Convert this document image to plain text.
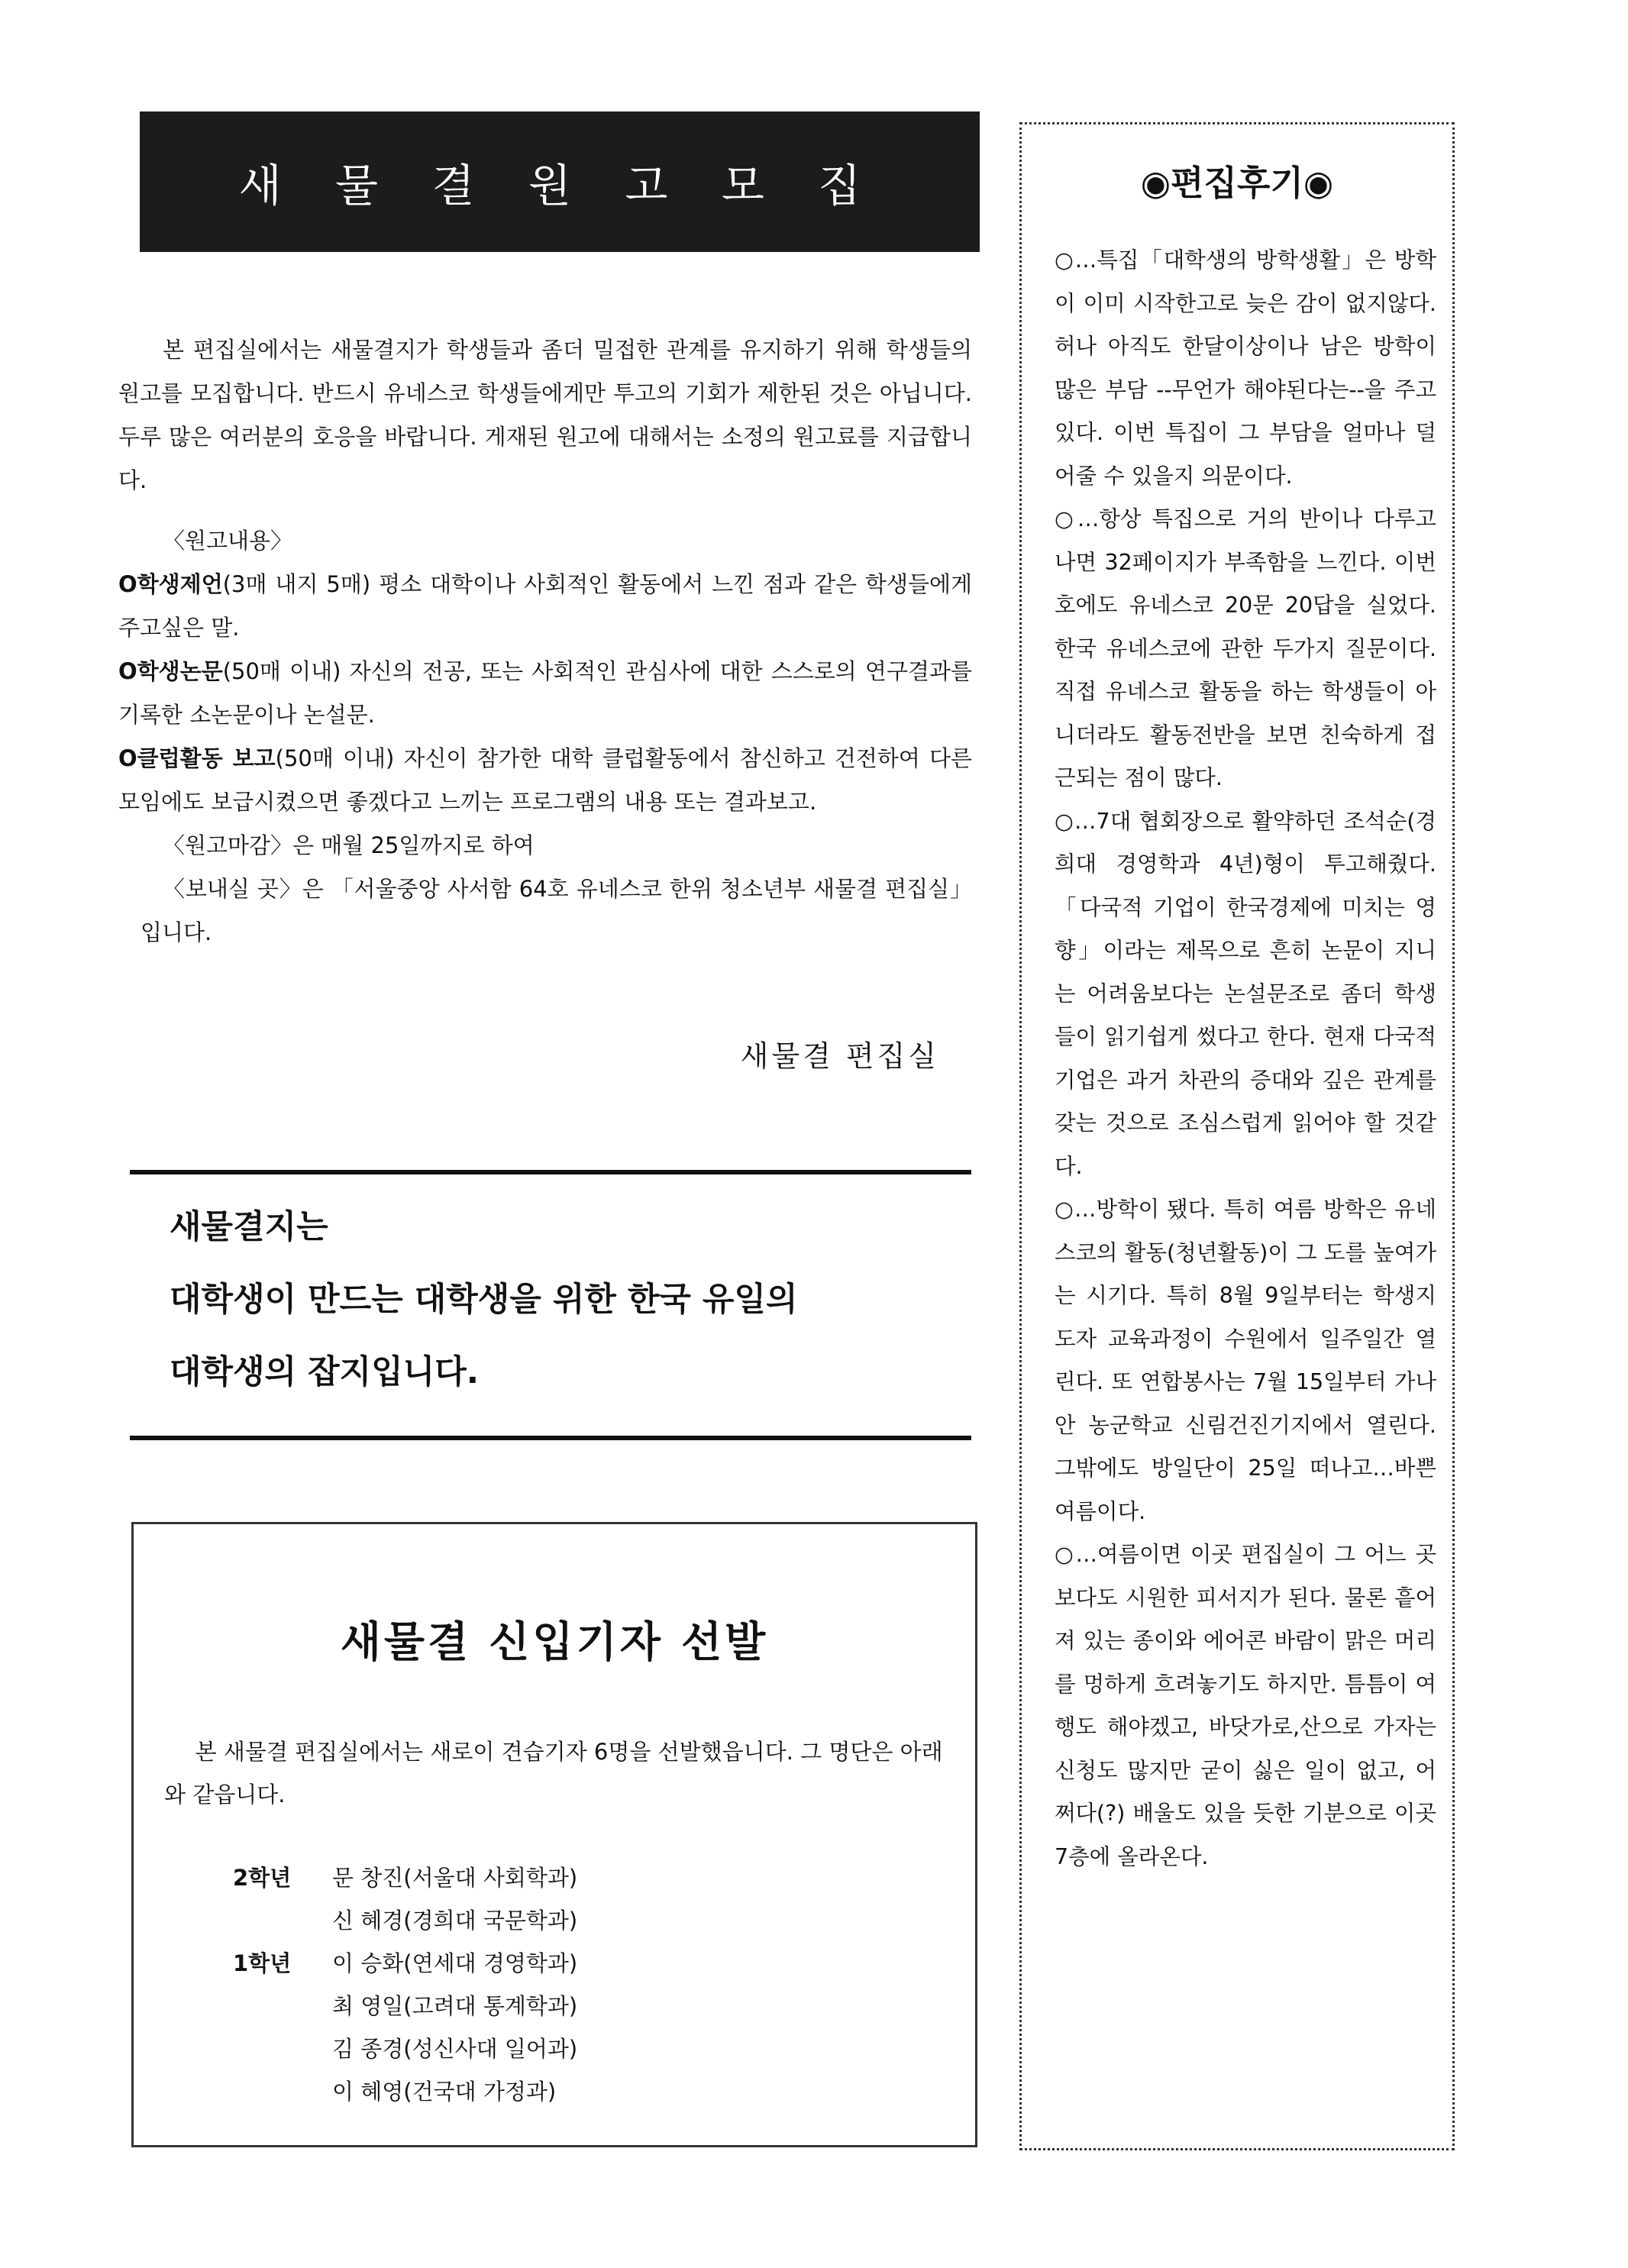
새 물 결 원 고 모 집

본 편집실에서는 새물결지가 학생들과 좀더 밀접한 관계를 유지하기 위해 학생들의 원고를 모집합니다. 반드시 유네스코 학생들에게만 투고의 기회가 제한된 것은 아닙니다. 두루 많은 여러분의 호응을 바랍니다. 게재된 원고에 대해서는 소정의 원고료를 지급합니다.

〈원고내용〉

O학생제언(3매 내지 5매) 평소 대학이나 사회적인 활동에서 느낀 점과 같은 학생들에게 주고싶은 말.

O학생논문(50매 이내) 자신의 전공, 또는 사회적인 관심사에 대한 스스로의 연구결과를 기록한 소논문이나 논설문.

O클럽활동 보고(50매 이내) 자신이 참가한 대학 클럽활동에서 참신하고 건전하여 다른 모임에도 보급시켰으면 좋겠다고 느끼는 프로그램의 내용 또는 결과보고.

〈원고마감〉은 매월 25일까지로 하여

〈보내실 곳〉은 「서울중앙 사서함 64호 유네스코 한위 청소년부 새물결 편집실」입니다.

새물결 편집실

새물결지는

대학생이 만드는 대학생을 위한 한국 유일의

대학생의 잡지입니다.

새물결 신입기자 선발

본 새물결 편집실에서는 새로이 견습기자 6명을 선발했읍니다. 그 명단은 아래와 같읍니다.

2학년	문 창진(서울대 사회학과)
신 혜경(경희대 국문학과)
1학년	이 승화(연세대 경영학과)
최 영일(고려대 통계학과)
김 종경(성신사대 일어과)
이 혜영(건국대 가정과)
◉편집후기◉

○…특집「대학생의 방학생활」은 방학이 이미 시작한고로 늦은 감이 없지않다. 허나 아직도 한달이상이나 남은 방학이 많은 부담 --무언가 해야된다는--을 주고있다. 이번 특집이 그 부담을 얼마나 덜어줄 수 있을지 의문이다.

○…항상 특집으로 거의 반이나 다루고 나면 32페이지가 부족함을 느낀다. 이번호에도 유네스코 20문 20답을 실었다. 한국 유네스코에 관한 두가지 질문이다. 직접 유네스코 활동을 하는 학생들이 아니더라도 활동전반을 보면 친숙하게 접근되는 점이 많다.

○…7대 협회장으로 활약하던 조석순(경희대 경영학과 4년)형이 투고해줬다.「다국적 기업이 한국경제에 미치는 영향」이라는 제목으로 흔히 논문이 지니는 어려움보다는 논설문조로 좀더 학생들이 읽기쉽게 썼다고 한다. 현재 다국적기업은 과거 차관의 증대와 깊은 관계를 갖는 것으로 조심스럽게 읽어야 할 것같다.

○…방학이 됐다. 특히 여름 방학은 유네스코의 활동(청년활동)이 그 도를 높여가는 시기다. 특히 8월 9일부터는 학생지도자 교육과정이 수원에서 일주일간 열린다. 또 연합봉사는 7월 15일부터 가나안 농군학교 신림건진기지에서 열린다. 그밖에도 방일단이 25일 떠나고…바쁜 여름이다.

○…여름이면 이곳 편집실이 그 어느 곳보다도 시원한 피서지가 된다. 물론 흩어져 있는 종이와 에어콘 바람이 맑은 머리를 멍하게 흐려놓기도 하지만. 틈틈이 여행도 해야겠고, 바닷가로,산으로 가자는 신청도 많지만 굳이 싫은 일이 없고, 어쩌다(?) 배울도 있을 듯한 기분으로 이곳 7층에 올라온다.
